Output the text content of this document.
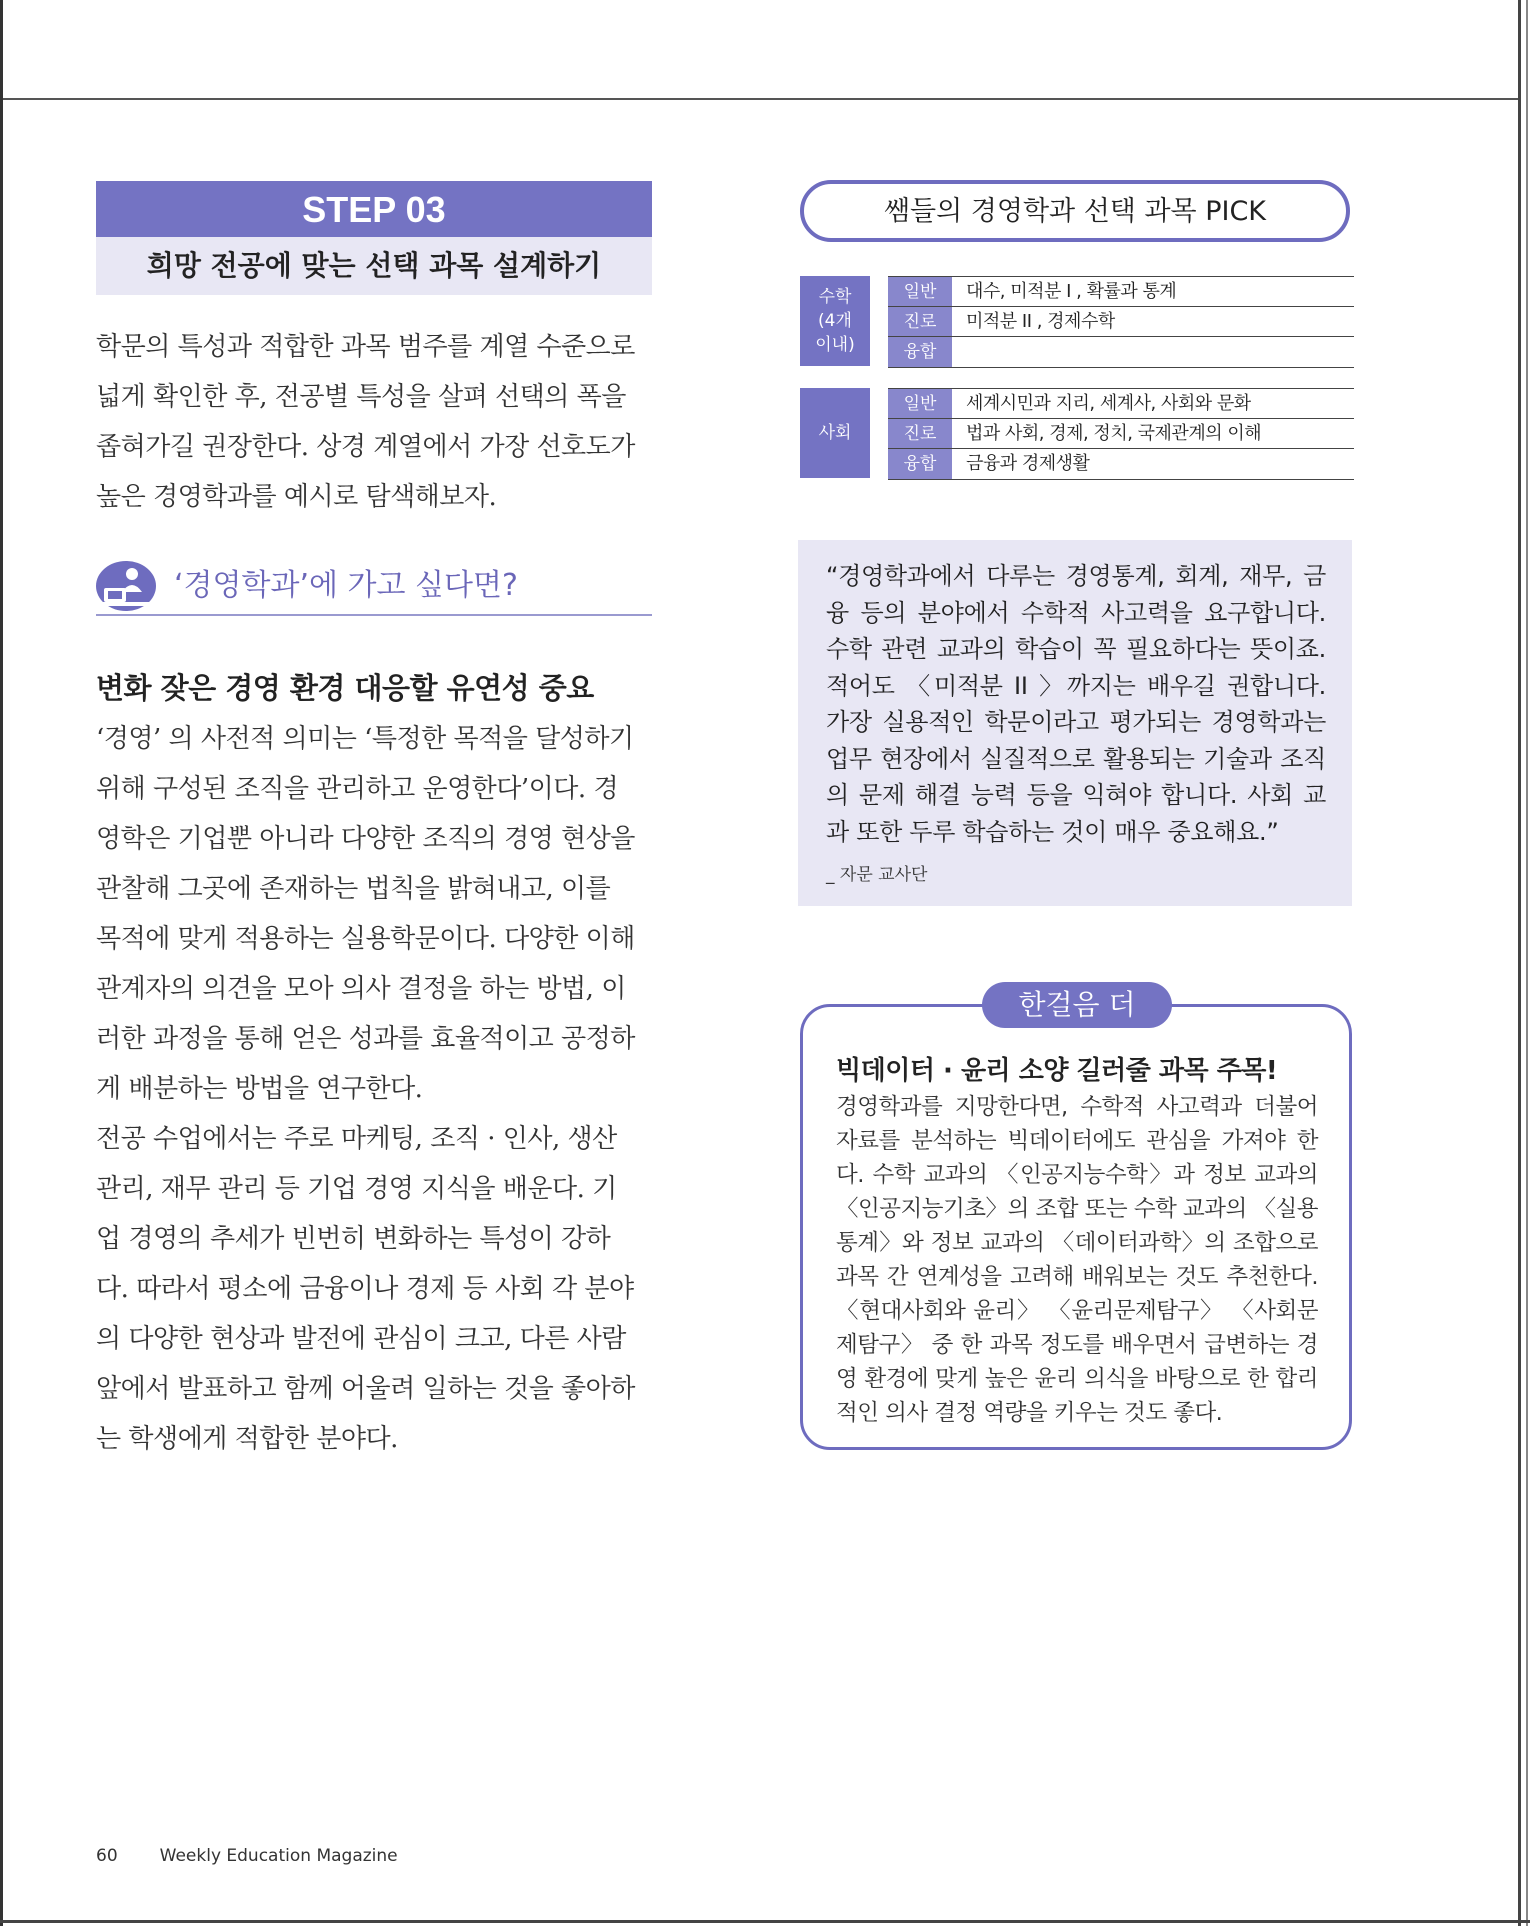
STEP 03
희망 전공에 맞는 선택 과목 설계하기
학문의 특성과 적합한 과목 범주를 계열 수준으로
넓게 확인한 후, 전공별 특성을 살펴 선택의 폭을
좁혀가길 권장한다. 상경 계열에서 가장 선호도가
높은 경영학과를 예시로 탐색해보자.
‘경영학과’에 가고 싶다면?
변화 잦은 경영 환경 대응할 유연성 중요
‘경영’ 의 사전적 의미는 ‘특정한 목적을 달성하기
위해 구성된 조직을 관리하고 운영한다’이다. 경
영학은 기업뿐 아니라 다양한 조직의 경영 현상을
관찰해 그곳에 존재하는 법칙을 밝혀내고, 이를
목적에 맞게 적용하는 실용학문이다. 다양한 이해
관계자의 의견을 모아 의사 결정을 하는 방법, 이
러한 과정을 통해 얻은 성과를 효율적이고 공정하
게 배분하는 방법을 연구한다.
전공 수업에서는 주로 마케팅, 조직 · 인사, 생산
관리, 재무 관리 등 기업 경영 지식을 배운다. 기
업 경영의 추세가 빈번히 변화하는 특성이 강하
다. 따라서 평소에 금융이나 경제 등 사회 각 분야
의 다양한 현상과 발전에 관심이 크고, 다른 사람
앞에서 발표하고 함께 어울려 일하는 것을 좋아하
는 학생에게 적합한 분야다.
쌤들의 경영학과 선택 과목 PICK
수학
(4개
이내)
일반	대수, 미적분 I , 확률과 통계
진로	미적분 II , 경제수학
융합
사회
일반	세계시민과 지리, 세계사, 사회와 문화
진로	법과 사회, 경제, 정치, 국제관계의 이해
융합	금융과 경제생활
“경영학과에서 다루는 경영통계, 회계, 재무, 금융 등의 분야에서 수학적 사고력을 요구합니다. 수학 관련 교과의 학습이 꼭 필요하다는 뜻이죠. 적어도 〈미적분 II 〉까지는 배우길 권합니다. 가장 실용적인 학문이라고 평가되는 경영학과는 업무 현장에서 실질적으로 활용되는 기술과 조직의 문제 해결 능력 등을 익혀야 합니다. 사회 교과 또한 두루 학습하는 것이 매우 중요해요.”
_ 자문 교사단
한걸음 더
빅데이터 · 윤리 소양 길러줄 과목 주목!
경영학과를 지망한다면, 수학적 사고력과 더불어 자료를 분석하는 빅데이터에도 관심을 가져야 한다. 수학 교과의 〈인공지능수학〉과 정보 교과의 〈인공지능기초〉의 조합 또는 수학 교과의 〈실용통계〉와 정보 교과의 〈데이터과학〉의 조합으로 과목 간 연계성을 고려해 배워보는 것도 추천한다. 〈현대사회와 윤리〉 〈윤리문제탐구〉 〈사회문제탐구〉 중 한 과목 정도를 배우면서 급변하는 경영 환경에 맞게 높은 윤리 의식을 바탕으로 한 합리적인 의사 결정 역량을 키우는 것도 좋다.
60 Weekly Education Magazine
